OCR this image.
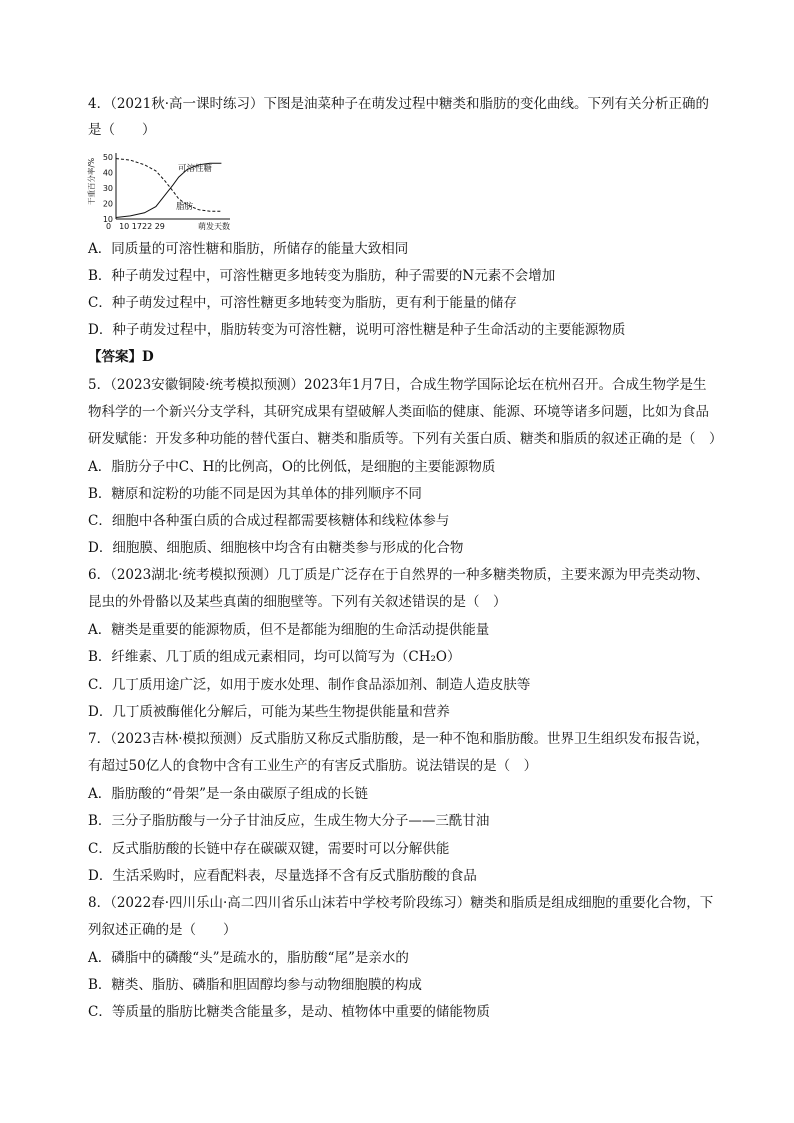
4．（2021秋·高一课时练习）下图是油菜种子在萌发过程中糖类和脂肪的变化曲线。下列有关分析正确的
是（　　）
10
20
30
40
50
干重百分率/%
0　10 1722 29	萌发天数
可溶性糖
脂肪
A．同质量的可溶性糖和脂肪，所储存的能量大致相同
B．种子萌发过程中，可溶性糖更多地转变为脂肪，种子需要的N元素不会增加
C．种子萌发过程中，可溶性糖更多地转变为脂肪，更有利于能量的储存
D．种子萌发过程中，脂肪转变为可溶性糖，说明可溶性糖是种子生命活动的主要能源物质
【答案】D
5．（2023安徽铜陵·统考模拟预测）2023年1月7日，合成生物学国际论坛在杭州召开。合成生物学是生
物科学的一个新兴分支学科，其研究成果有望破解人类面临的健康、能源、环境等诸多问题，比如为食品
研发赋能：开发多种功能的替代蛋白、糖类和脂质等。下列有关蛋白质、糖类和脂质的叙述正确的是（　）
A．脂肪分子中C、H的比例高，O的比例低，是细胞的主要能源物质
B．糖原和淀粉的功能不同是因为其单体的排列顺序不同
C．细胞中各种蛋白质的合成过程都需要核糖体和线粒体参与
D．细胞膜、细胞质、细胞核中均含有由糖类参与形成的化合物
6．（2023湖北·统考模拟预测）几丁质是广泛存在于自然界的一种多糖类物质，主要来源为甲壳类动物、
昆虫的外骨骼以及某些真菌的细胞壁等。下列有关叙述错误的是（　）
A．糖类是重要的能源物质，但不是都能为细胞的生命活动提供能量
B．纤维素、几丁质的组成元素相同，均可以简写为（CH₂O）
C．几丁质用途广泛，如用于废水处理、制作食品添加剂、制造人造皮肤等
D．几丁质被酶催化分解后，可能为某些生物提供能量和营养
7．（2023吉林·模拟预测）反式脂肪又称反式脂肪酸，是一种不饱和脂肪酸。世界卫生组织发布报告说，
有超过50亿人的食物中含有工业生产的有害反式脂肪。说法错误的是（　）
A．脂肪酸的“骨架”是一条由碳原子组成的长链
B．三分子脂肪酸与一分子甘油反应，生成生物大分子——三酰甘油
C．反式脂肪酸的长链中存在碳碳双键，需要时可以分解供能
D．生活采购时，应看配料表，尽量选择不含有反式脂肪酸的食品
8．（2022春·四川乐山·高二四川省乐山沫若中学校考阶段练习）糖类和脂质是组成细胞的重要化合物，下
列叙述正确的是（　　）
A．磷脂中的磷酸“头”是疏水的，脂肪酸“尾”是亲水的
B．糖类、脂肪、磷脂和胆固醇均参与动物细胞膜的构成
C．等质量的脂肪比糖类含能量多，是动、植物体中重要的储能物质
